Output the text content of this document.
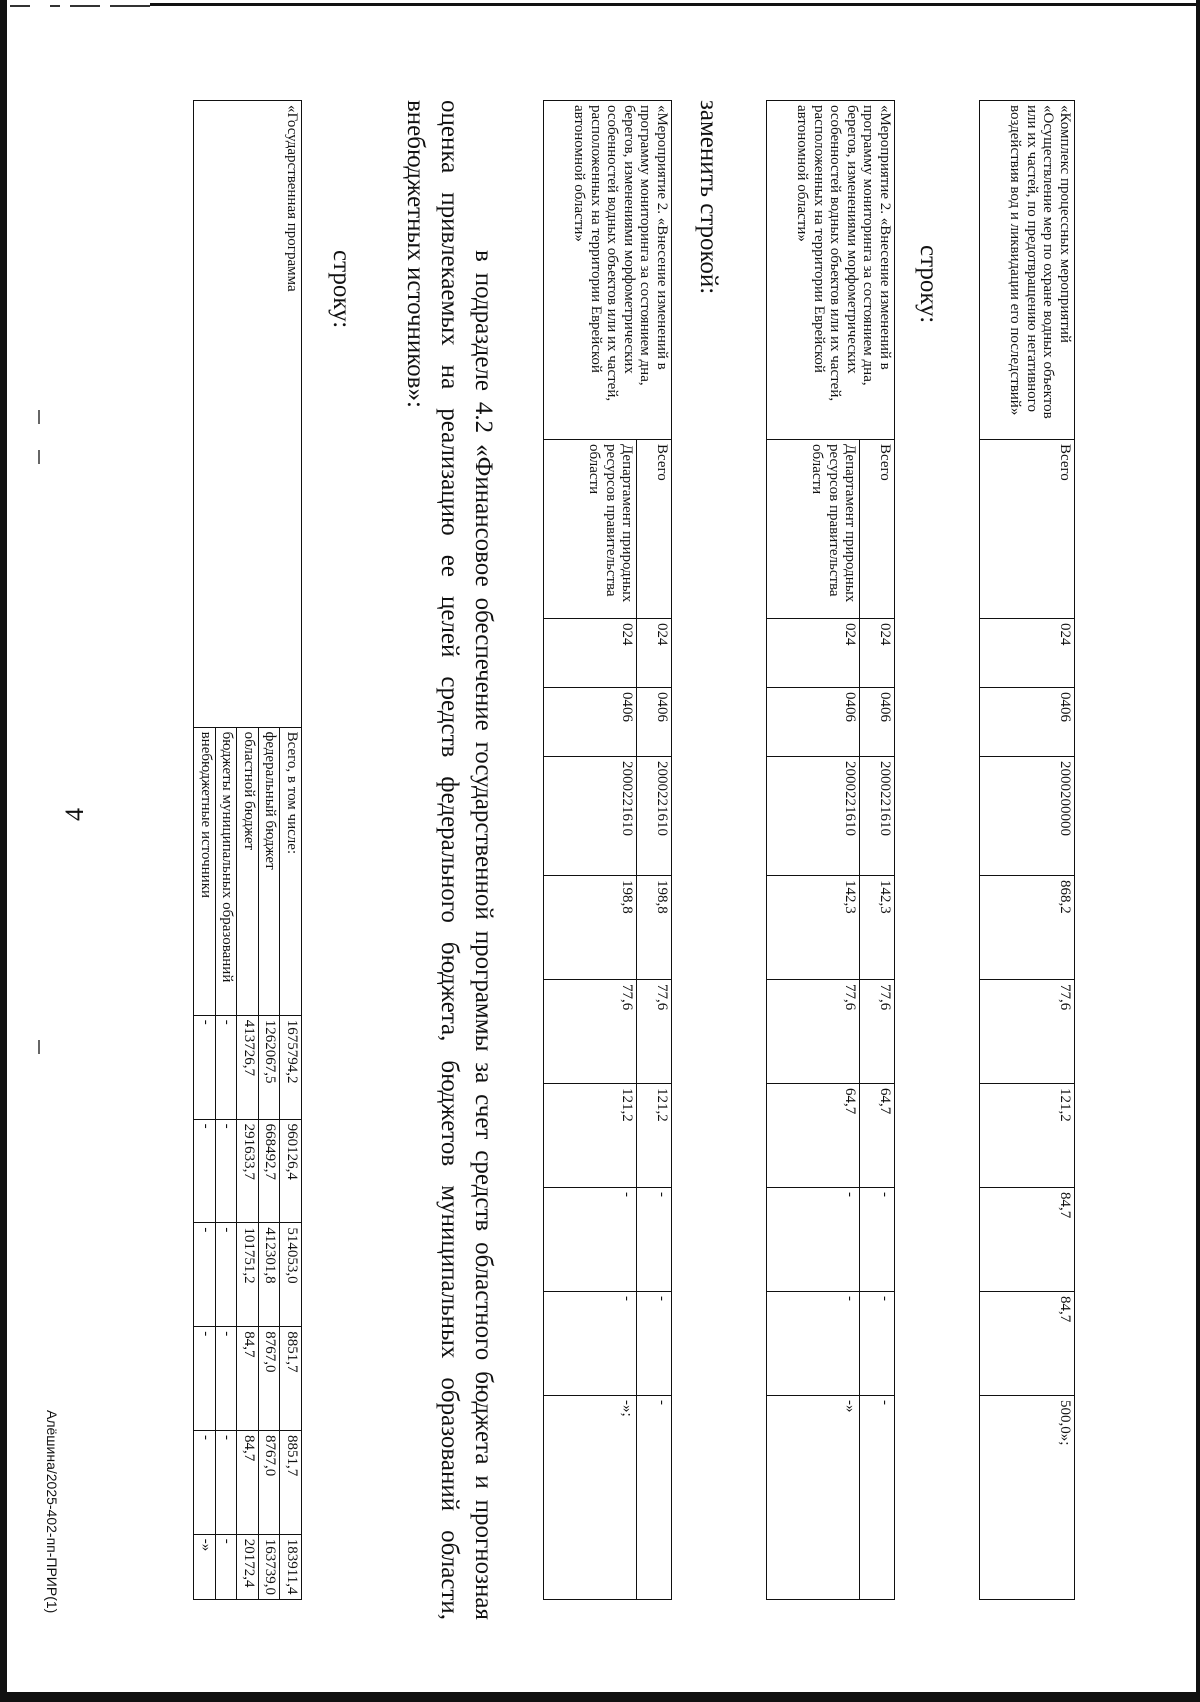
4
«Комплекс процессных мероприятий «Осуществление мер по охране водных объектов или их частей, по предотвращению негативного воздействия вод и ликвидации его последствий»	Всего	024	0406	2000200000	868,2	77,6	121,2	84,7	84,7	500,0»;
строку:
«Мероприятие 2. «Внесение изменений в программу мониторинга за состоянием дна, берегов, изменениями морфометрических особенностей водных объектов или их частей, расположенных на территории Еврейской автономной области»	Всего	024	0406	2000221610	142,3	77,6	64,7	-	-	-
	Департамент природных ресурсов правительства области	024	0406	2000221610	142,3	77,6	64,7	-	-	-»
заменить строкой:
«Мероприятие 2. «Внесение изменений в программу мониторинга за состоянием дна, берегов, изменениями морфометрических особенностей водных объектов или их частей, расположенных на территории Еврейской автономной области»	Всего	024	0406	2000221610	198,8	77,6	121,2	-	-	-
	Департамент природных ресурсов правительства области	024	0406	2000221610	198,8	77,6	121,2	-	-	-»;
в подразделе 4.2 «Финансовое обеспечение государственной программы за счет средств областного бюджета и прогнозная оценка привлекаемых на реализацию ее целей средств федерального бюджета, бюджетов муниципальных образований области, внебюджетных источников»:
строку:
«Государственная программа	Всего, в том числе:	1675794,2	960126,4	514053,0	8851,7	8851,7	183911,4
	федеральный бюджет	1262067,5	668492,7	412301,8	8767,0	8767,0	163739,0
	областной бюджет	413726,7	291633,7	101751,2	84,7	84,7	20172,4
	бюджеты муниципальных образований	-	-	-	-	-	-
	внебюджетные источники	-	-	-	-	-	-»
Алёшина/2025-402-пп-ПРИР(1)
